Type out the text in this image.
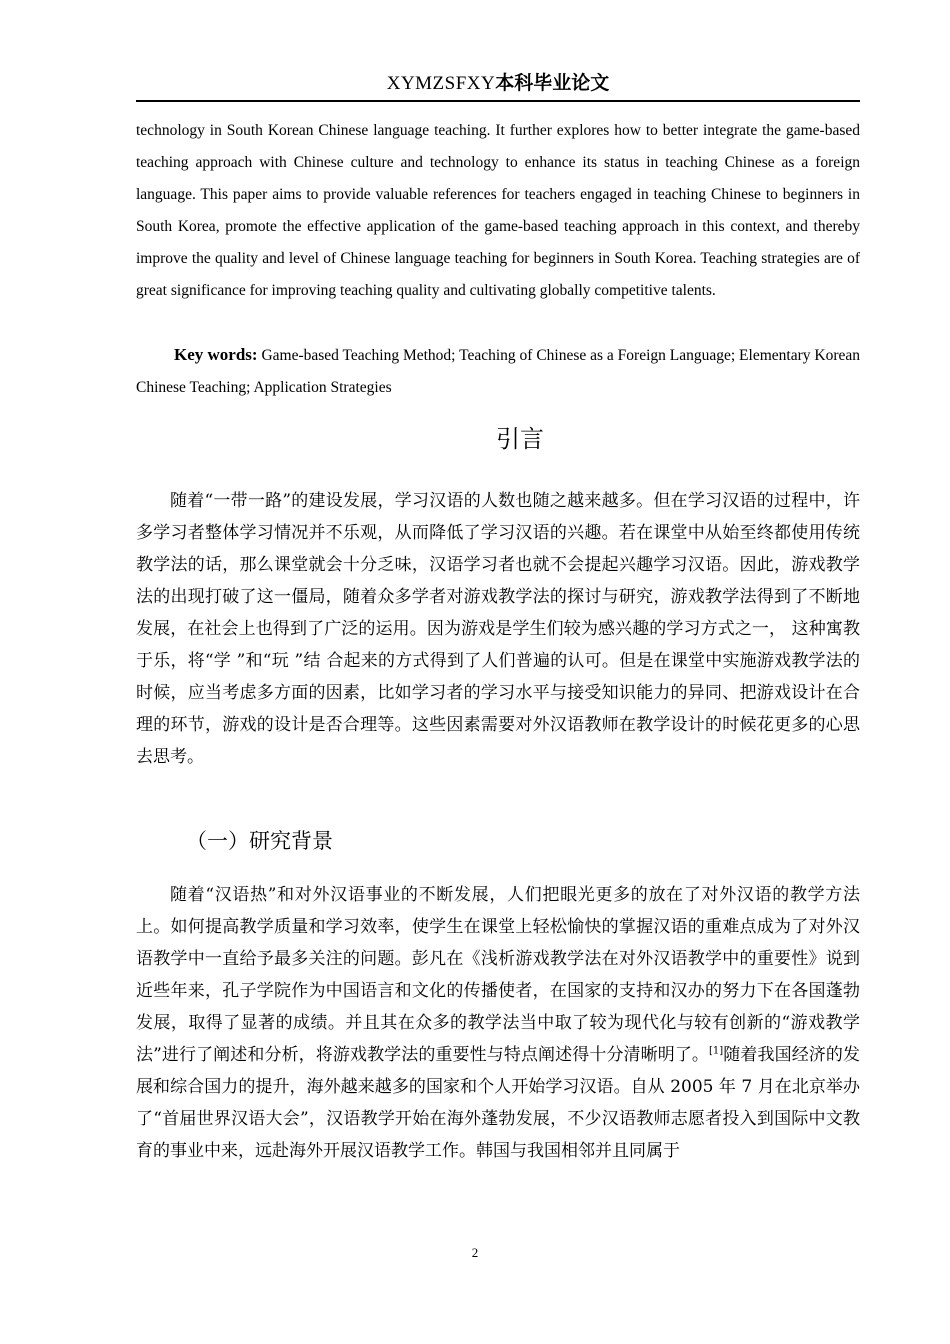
XYMZSFXY本科毕业论文

technology in South Korean Chinese language teaching. It further explores how to better integrate the game-based teaching approach with Chinese culture and technology to enhance its status in teaching Chinese as a foreign language. This paper aims to provide valuable references for teachers engaged in teaching Chinese to beginners in South Korea, promote the effective application of the game-based teaching approach in this context, and thereby improve the quality and level of Chinese language teaching for beginners in South Korea. Teaching strategies are of great significance for improving teaching quality and cultivating globally competitive talents.

Key words: Game-based Teaching Method; Teaching of Chinese as a Foreign Language; Elementary Korean Chinese Teaching; Application Strategies

引言

随着“一带一路”的建设发展，学习汉语的人数也随之越来越多。但在学习汉语的过程中，许多学习者整体学习情况并不乐观，从而降低了学习汉语的兴趣。若在课堂中从始至终都使用传统教学法的话，那么课堂就会十分乏味，汉语学习者也就不会提起兴趣学习汉语。因此，游戏教学法的出现打破了这一僵局，随着众多学者对游戏教学法的探讨与研究，游戏教学法得到了不断地发展，在社会上也得到了广泛的运用。因为游戏是学生们较为感兴趣的学习方式之一， 这种寓教于乐，将“学 ”和“玩 ”结 合起来的方式得到了人们普遍的认可。但是在课堂中实施游戏教学法的时候，应当考虑多方面的因素，比如学习者的学习水平与接受知识能力的异同、把游戏设计在合理的环节，游戏的设计是否合理等。这些因素需要对外汉语教师在教学设计的时候花更多的心思去思考。

（一）研究背景

随着“汉语热”和对外汉语事业的不断发展，人们把眼光更多的放在了对外汉语的教学方法上。如何提高教学质量和学习效率，使学生在课堂上轻松愉快的掌握汉语的重难点成为了对外汉语教学中一直给予最多关注的问题。彭凡在《浅析游戏教学法在对外汉语教学中的重要性》说到近些年来，孔子学院作为中国语言和文化的传播使者，在国家的支持和汉办的努力下在各国蓬勃发展，取得了显著的成绩。并且其在众多的教学法当中取了较为现代化与较有创新的“游戏教学法”进行了阐述和分析，将游戏教学法的重要性与特点阐述得十分清晰明了。[1]随着我国经济的发展和综合国力的提升，海外越来越多的国家和个人开始学习汉语。自从 2005 年 7 月在北京举办了“首届世界汉语大会”，汉语教学开始在海外蓬勃发展，不少汉语教师志愿者投入到国际中文教育的事业中来，远赴海外开展汉语教学工作。韩国与我国相邻并且同属于

2
